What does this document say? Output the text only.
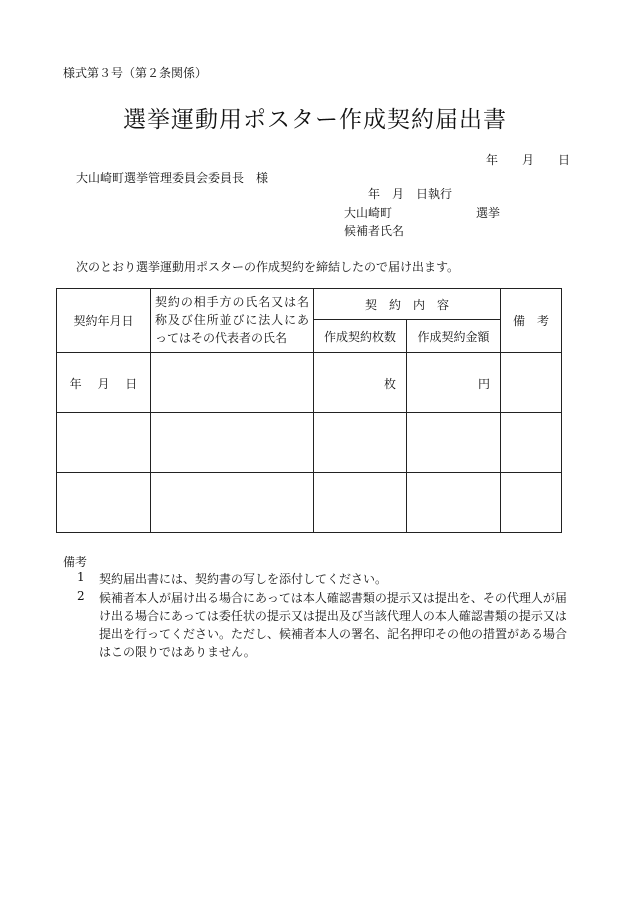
様式第３号（第２条関係）
選挙運動用ポスター作成契約届出書
年　　月　　日
大山崎町選挙管理委員会委員長　様
年　月　日執行
大山崎町　　　　　　　選挙
候補者氏名
次のとおり選挙運動用ポスターの作成契約を締結したので届け出ます。
契約年月日	契約の相手方の氏名又は名称及び住所並びに法人にあってはその代表者の氏名	契　約　内　容		備　考
		作成契約枚数	作成契約金額	
年　 月　 日		枚	円	

備考
1 契約届出書には、契約書の写しを添付してください。
2 候補者本人が届け出る場合にあっては本人確認書類の提示又は提出を、その代理人が届け出る場合にあっては委任状の提示又は提出及び当該代理人の本人確認書類の提示又は提出を行ってください。ただし、候補者本人の署名、記名押印その他の措置がある場合はこの限りではありません。
